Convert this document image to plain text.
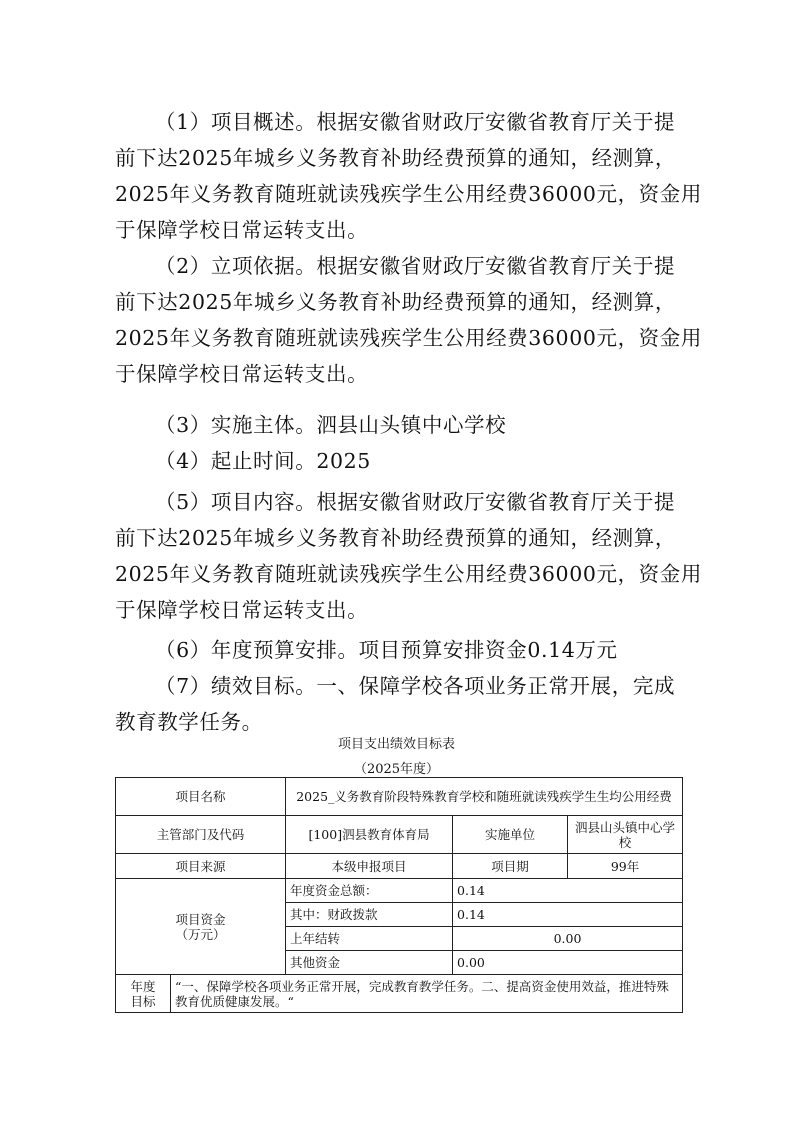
（1）项目概述。根据安徽省财政厅安徽省教育厅关于提
前下达2025年城乡义务教育补助经费预算的通知，经测算，
2025年义务教育随班就读残疾学生公用经费36000元，资金用
于保障学校日常运转支出。
（2）立项依据。根据安徽省财政厅安徽省教育厅关于提
前下达2025年城乡义务教育补助经费预算的通知，经测算，
2025年义务教育随班就读残疾学生公用经费36000元，资金用
于保障学校日常运转支出。
（3）实施主体。泗县山头镇中心学校
（4）起止时间。2025
（5）项目内容。根据安徽省财政厅安徽省教育厅关于提
前下达2025年城乡义务教育补助经费预算的通知，经测算，
2025年义务教育随班就读残疾学生公用经费36000元，资金用
于保障学校日常运转支出。
（6）年度预算安排。项目预算安排资金0.14万元
（7）绩效目标。一、保障学校各项业务正常开展，完成
教育教学任务。
项目支出绩效目标表
（2025年度）
项目名称		2025_义务教育阶段特殊教育学校和随班就读残疾学生生均公用经费		
主管部门及代码		[100]泗县教育体育局	实施单位	泗县山头镇中心学校
项目来源		本级申报项目	项目期	99年

项目资金
（万元）		年度资金总额：	0.14	
		其中：财政拨款	0.14	
		上年结转	0.00	
		其他资金	0.00	

年度
目标	“一、保障学校各项业务正常开展，完成教育教学任务。二、提高资金使用效益，推进特殊教育优质健康发展。“			
